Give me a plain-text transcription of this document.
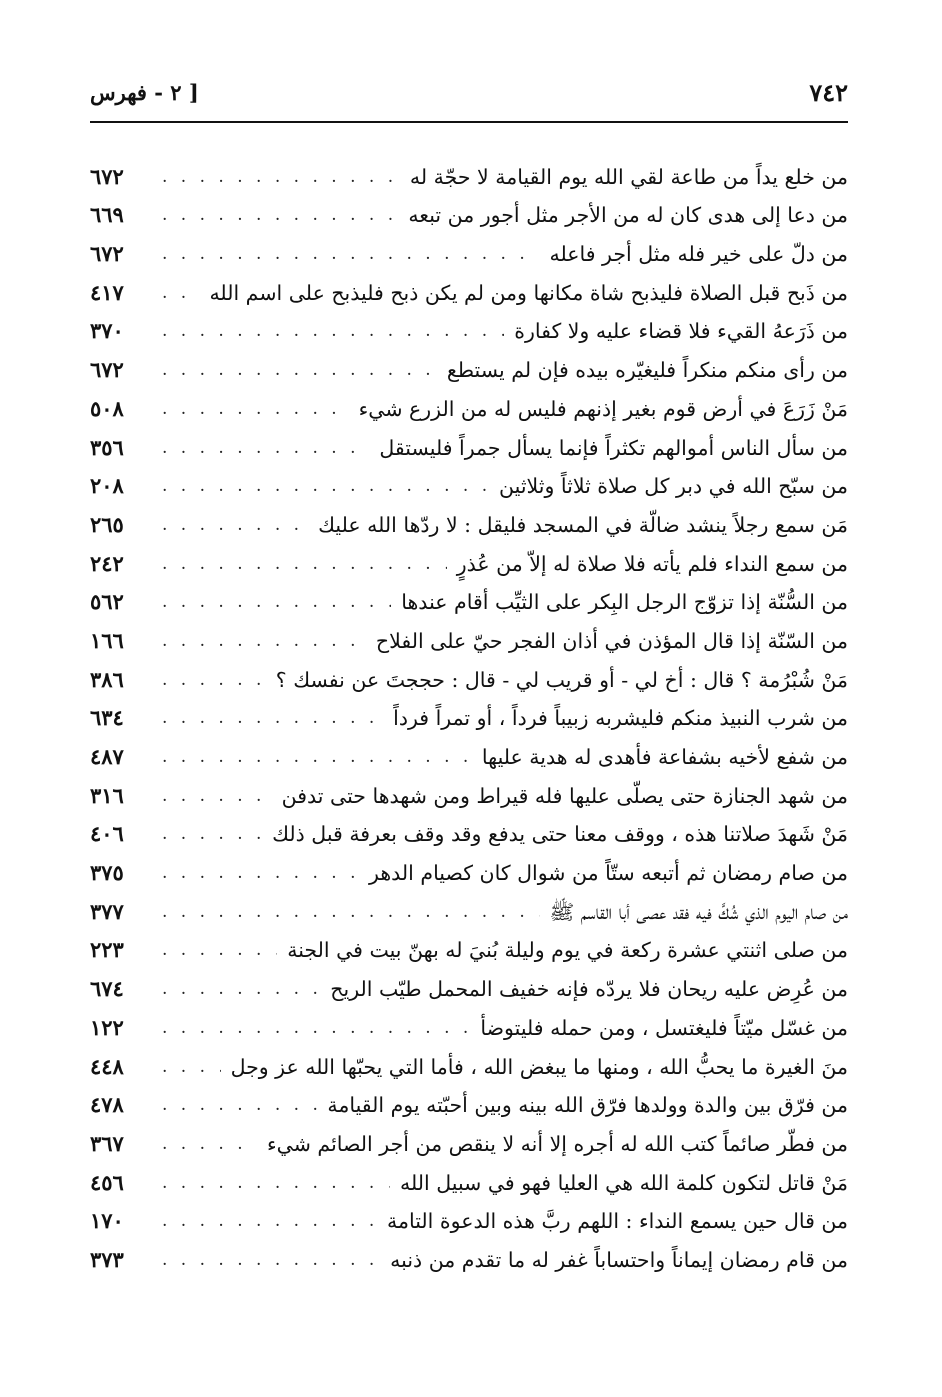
٧٤٢
[ ٢ - فهرس
من خلع يداً من طاعة لقي الله يوم القيامة لا حجّة له
. . .
٦٧٢
من دعا إلى هدى كان له من الأجر مثل أجور من تبعه
. . .
٦٦٩
من دلّ على خير فله مثل أجر فاعله
. . .
٦٧٢
من ذَبح قبل الصلاة فليذبح شاة مكانها ومن لم يكن ذبح فليذبح على اسم الله
. . .
٤١٧
من ذَرَعهُ القيء فلا قضاء عليه ولا كفارة
. . .
٣٧٠
من رأى منكم منكراً فليغيّره بيده فإن لم يستطع
. . .
٦٧٢
مَنْ زَرَعَ في أرض قوم بغير إذنهم فليس له من الزرع شيء
. . .
٥٠٨
من سأل الناس أموالهم تكثراً فإنما يسأل جمراً فليستقل
. . .
٣٥٦
من سبّح الله في دبر كل صلاة ثلاثاً وثلاثين
. . .
٢٠٨
مَن سمع رجلاً ينشد ضالّة في المسجد فليقل : لا ردّها الله عليك
. . .
٢٦٥
من سمع النداء فلم يأته فلا صلاة له إلاّ من عُذرٍ
. . .
٢٤٢
من السُّنّة إذا تزوّج الرجل البِكر على الثيِّب أقام عندها
. . .
٥٦٢
من السّنّة إذا قال المؤذن في أذان الفجر حيّ على الفلاح
. . .
١٦٦
مَنْ شُبْرُمة ؟ قال : أخ لي - أو قريب لي - قال : حججتَ عن نفسك ؟
. . .
٣٨٦
من شرب النبيذ منكم فليشربه زبيباً فرداً ، أو تمراً فرداً
. . .
٦٣٤
من شفع لأخيه بشفاعة فأهدى له هدية عليها
. . .
٤٨٧
من شهد الجنازة حتى يصلّى عليها فله قيراط ومن شهدها حتى تدفن
. . .
٣١٦
مَنْ شَهدَ صلاتنا هذه ، ووقف معنا حتى يدفع وقد وقف بعرفة قبل ذلك
. . .
٤٠٦
من صام رمضان ثم أتبعه ستّاً من شوال كان كصيام الدهر
. . .
٣٧٥
من صام اليوم الذي شُكَّ فيه فقد عصى أبا القاسم ﷺ
. . .
٣٧٧
من صلى اثنتي عشرة ركعة في يوم وليلة بُنيَ له بهنّ بيت في الجنة
. . .
٢٢٣
من عُرِض عليه ريحان فلا يردّه فإنه خفيف المحمل طيّب الريح
. . .
٦٧٤
من غسّل ميّتاً فليغتسل ، ومن حمله فليتوضأ
. . .
١٢٢
منَ الغيرة ما يحبُّ الله ، ومنها ما يبغض الله ، فأما التي يحبّها الله عز وجل
. . .
٤٤٨
من فرّق بين والدة وولدها فرّق الله بينه وبين أحبّته يوم القيامة
. . .
٤٧٨
من فطّر صائماً كتب الله له أجره إلا أنه لا ينقص من أجر الصائم شيء
. . .
٣٦٧
مَنْ قاتل لتكون كلمة الله هي العليا فهو في سبيل الله
. . .
٤٥٦
من قال حين يسمع النداء : اللهم ربَّ هذه الدعوة التامة
. . .
١٧٠
من قام رمضان إيماناً واحتساباً غفر له ما تقدم من ذنبه
. . .
٣٧٣
